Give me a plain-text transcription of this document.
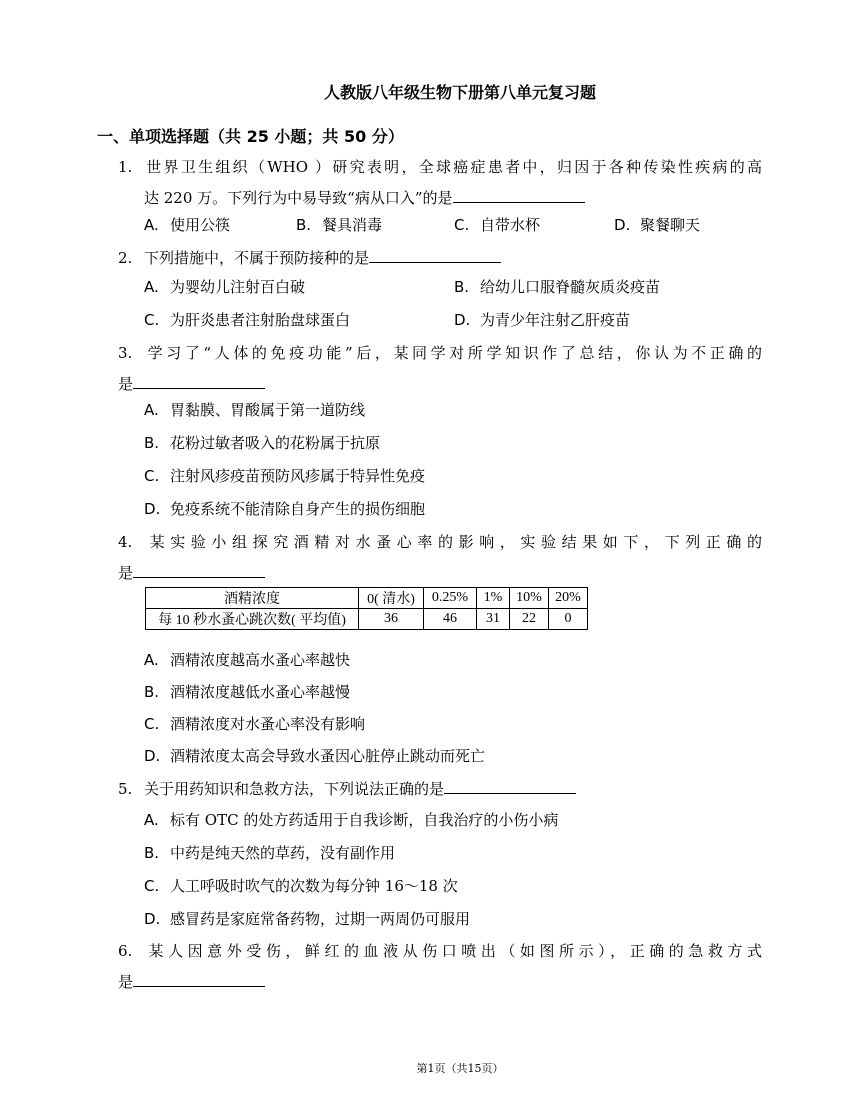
人教版八年级生物下册第八单元复习题
一、单项选择题（共 25 小题；共 50 分）
1. 世界卫生组织（WHO ）研究表明，全球癌症患者中，归因于各种传染性疾病的高
达 220 万。下列行为中易导致“病从口入”的是
A. 使用公筷	B. 餐具消毒	C. 自带水杯	D. 聚餐聊天
2. 下列措施中，不属于预防接种的是
A. 为婴幼儿注射百白破	B. 给幼儿口服脊髓灰质炎疫苗
C. 为肝炎患者注射胎盘球蛋白	D. 为青少年注射乙肝疫苗
3. 学习了“人体的免疫功能”后，某同学对所学知识作了总结，你认为不正确的
是
A. 胃黏膜、胃酸属于第一道防线
B. 花粉过敏者吸入的花粉属于抗原
C. 注射风疹疫苗预防风疹属于特异性免疫
D. 免疫系统不能清除自身产生的损伤细胞
4. 某实验小组探究酒精对水蚤心率的影响，实验结果如下，下列正确的
是
酒精浓度	0( 清水)	0.25%	1%	10%	20%
每 10 秒水蚤心跳次数( 平均值)	36	46	31	22	0
A. 酒精浓度越高水蚤心率越快
B. 酒精浓度越低水蚤心率越慢
C. 酒精浓度对水蚤心率没有影响
D. 酒精浓度太高会导致水蚤因心脏停止跳动而死亡
5. 关于用药知识和急救方法，下列说法正确的是
A. 标有 OTC 的处方药适用于自我诊断，自我治疗的小伤小病
B. 中药是纯天然的草药，没有副作用
C. 人工呼吸时吹气的次数为每分钟 16～18 次
D. 感冒药是家庭常备药物，过期一两周仍可服用
6. 某人因意外受伤，鲜红的血液从伤口喷出（如图所示），正确的急救方式
是
第1页（共15页）
